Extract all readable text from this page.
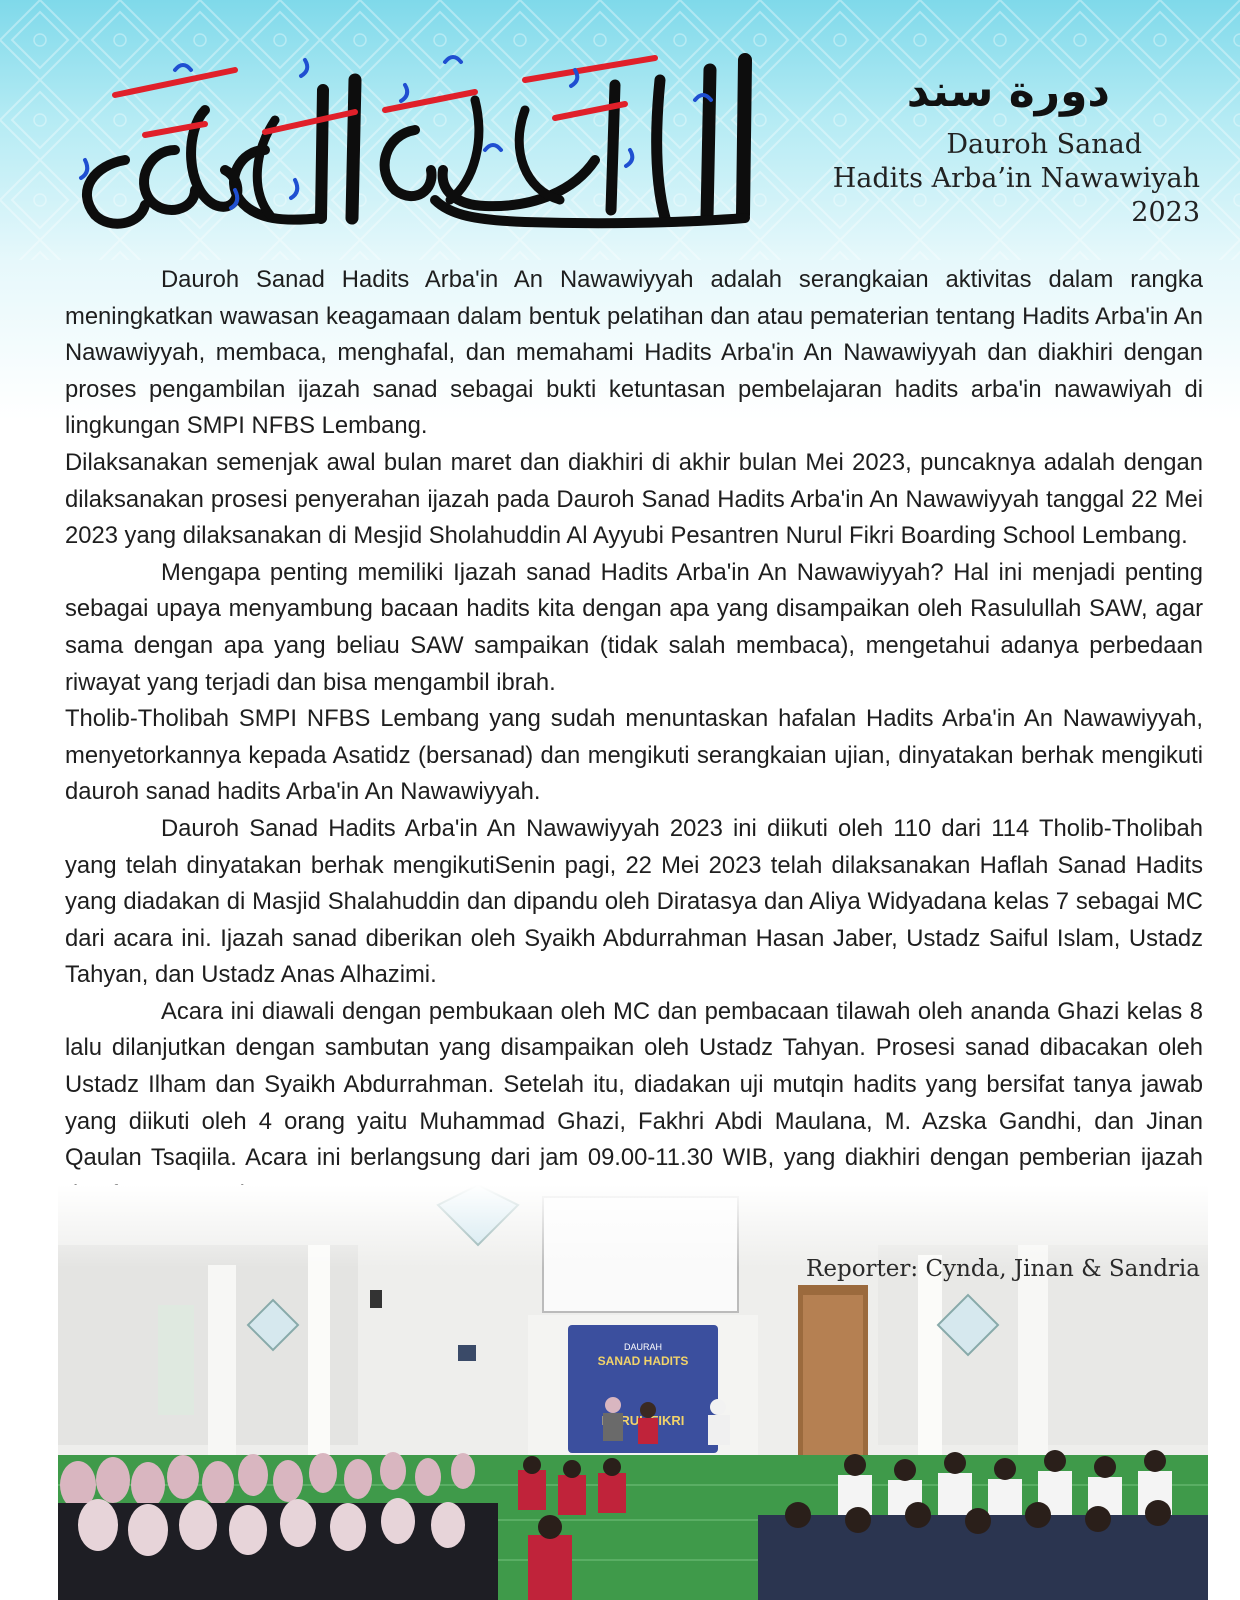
دورة سند
Dauroh Sanad
Hadits Arba’in Nawawiyah 2023

Dauroh Sanad Hadits Arba'in An Nawawiyyah adalah serangkaian aktivitas dalam rangka meningkatkan wawasan keagamaan dalam bentuk pelatihan dan atau pematerian tentang Hadits Arba'in An Nawawiyyah, membaca, menghafal, dan memahami Hadits Arba'in An Nawawiyyah dan diakhiri dengan proses pengambilan ijazah sanad sebagai bukti ketuntasan pembelajaran hadits arba'in nawawiyah di lingkungan SMPI NFBS Lembang.

Dilaksanakan semenjak awal bulan maret dan diakhiri di akhir bulan Mei 2023, puncaknya adalah dengan dilaksanakan prosesi penyerahan ijazah pada Dauroh Sanad Hadits Arba'in An Nawawiyyah tanggal 22 Mei 2023 yang dilaksanakan di Mesjid Sholahuddin Al Ayyubi Pesantren Nurul Fikri Boarding School Lembang.

Mengapa penting memiliki Ijazah sanad Hadits Arba'in An Nawawiyyah? Hal ini menjadi penting sebagai upaya menyambung bacaan hadits kita dengan apa yang disampaikan oleh Rasulullah SAW, agar sama dengan apa yang beliau SAW sampaikan (tidak salah membaca), mengetahui adanya perbedaan riwayat yang terjadi dan bisa mengambil ibrah.

Tholib-Tholibah SMPI NFBS Lembang yang sudah menuntaskan hafalan Hadits Arba'in An Nawawiyyah, menyetorkannya kepada Asatidz (bersanad) dan mengikuti serangkaian ujian, dinyatakan berhak mengikuti dauroh sanad hadits Arba'in An Nawawiyyah.

Dauroh Sanad Hadits Arba'in An Nawawiyyah 2023 ini diikuti oleh 110 dari 114 Tholib-Tholibah yang telah dinyatakan berhak mengikutiSenin pagi, 22 Mei 2023 telah dilaksanakan Haflah Sanad Hadits yang diadakan di Masjid Shalahuddin dan dipandu oleh Diratasya dan Aliya Widyadana kelas 7 sebagai MC dari acara ini. Ijazah sanad diberikan oleh Syaikh Abdurrahman Hasan Jaber, Ustadz Saiful Islam, Ustadz Tahyan, dan Ustadz Anas Alhazimi.

Acara ini diawali dengan pembukaan oleh MC dan pembacaan tilawah oleh ananda Ghazi kelas 8 lalu dilanjutkan dengan sambutan yang disampaikan oleh Ustadz Tahyan. Prosesi sanad dibacakan oleh Ustadz Ilham dan Syaikh Abdurrahman. Setelah itu, diadakan uji mutqin hadits yang bersifat tanya jawab yang diikuti oleh 4 orang yaitu Muhammad Ghazi, Fakhri Abdi Maulana, M. Azska Gandhi, dan Jinan Qaulan Tsaqiila. Acara ini berlangsung dari jam 09.00-11.30 WIB, yang diakhiri dengan pemberian ijazah

Reporter: Cynda, Jinan & Sandria
